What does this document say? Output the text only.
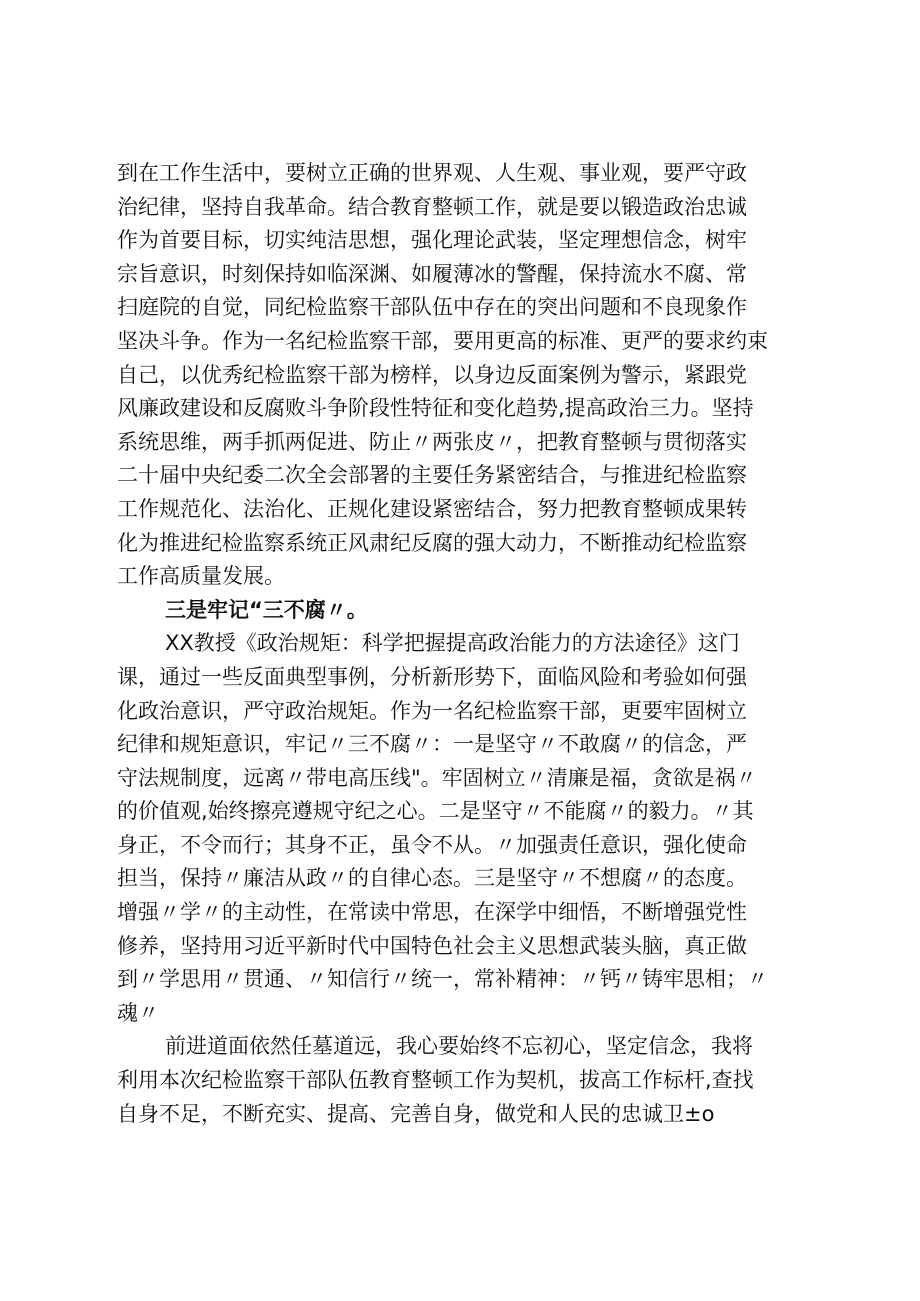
到在工作生活中，要树立正确的世界观、人生观、事业观，要严守政
治纪律，坚持自我革命。结合教育整顿工作，就是要以锻造政治忠诚
作为首要目标，切实纯洁思想，强化理论武装，坚定理想信念，树牢
宗旨意识，时刻保持如临深渊、如履薄冰的警醒，保持流水不腐、常
扫庭院的自觉，同纪检监察干部队伍中存在的突出问题和不良现象作
坚决斗争。作为一名纪检监察干部，要用更高的标准、更严的要求约束
自己，以优秀纪检监察干部为榜样，以身边反面案例为警示，紧跟党
风廉政建设和反腐败斗争阶段性特征和变化趋势,提高政治三力。坚持
系统思维，两手抓两促进、防止〃两张皮〃，把教育整顿与贯彻落实
二十届中央纪委二次全会部署的主要任务紧密结合，与推进纪检监察
工作规范化、法治化、正规化建设紧密结合，努力把教育整顿成果转
化为推进纪检监察系统正风肃纪反腐的强大动力，不断推动纪检监察
工作高质量发展。
三是牢记“三不腐〃。
XX教授《政治规矩：科学把握提高政治能力的方法途径》这门
课，通过一些反面典型事例，分析新形势下，面临风险和考验如何强
化政治意识，严守政治规矩。作为一名纪检监察干部，更要牢固树立
纪律和规矩意识，牢记〃三不腐〃：一是坚守〃不敢腐〃的信念，严
守法规制度，远离〃带电高压线"。牢固树立〃清廉是福，贪欲是祸〃
的价值观,始终擦亮遵规守纪之心。二是坚守〃不能腐〃的毅力。〃其
身正，不令而行；其身不正，虽令不从。〃加强责任意识，强化使命
担当，保持〃廉洁从政〃的自律心态。三是坚守〃不想腐〃的态度。
增强〃学〃的主动性，在常读中常思，在深学中细悟，不断增强党性
修养，坚持用习近平新时代中国特色社会主义思想武装头脑，真正做
到〃学思用〃贯通、〃知信行〃统一，常补精神：〃钙〃铸牢思相；〃
魂〃
前进道面依然任墓道远，我心要始终不忘初心，坚定信念，我将
利用本次纪检监察干部队伍教育整顿工作为契机，拔高工作标杆,查找
自身不足，不断充实、提高、完善自身，做党和人民的忠诚卫±o
